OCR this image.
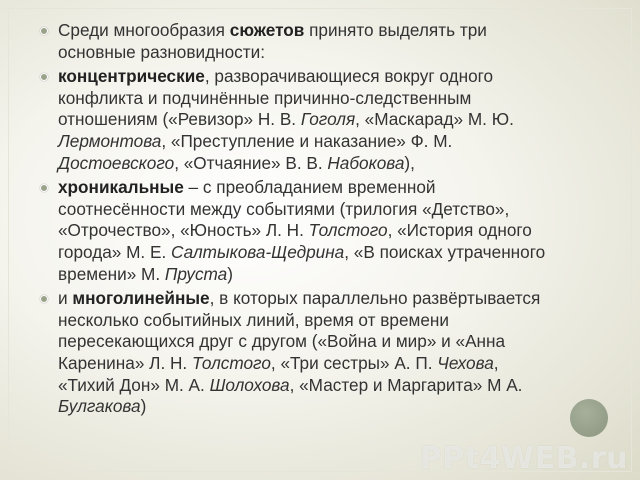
Среди многообразия сюжетов принято выделять три основные разновидности:
концентрические, разворачивающиеся вокруг одного конфликта и подчинённые причинно-следственным отношениям («Ревизор» Н. В. Гоголя, «Маскарад» М. Ю. Лермонтова, «Преступление и наказание» Ф. М. Достоевского, «Отчаяние» В. В. Набокова),
хроникальные – с преобладанием временной соотнесённости между событиями (трилогия «Детство», «Отрочество», «Юность» Л. Н. Толстого, «История одного города» М. Е. Салтыкова-Щедрина, «В поисках утраченного времени» М. Пруста)
и многолинейные, в которых параллельно развёртывается несколько событийных линий, время от времени пересекающихся друг с другом («Война и мир» и «Анна Каренина» Л. Н. Толстого, «Три сестры» А. П. Чехова, «Тихий Дон» М. А. Шолохова, «Мастер и Маргарита» М А. Булгакова)
PPt4WEB.ru
